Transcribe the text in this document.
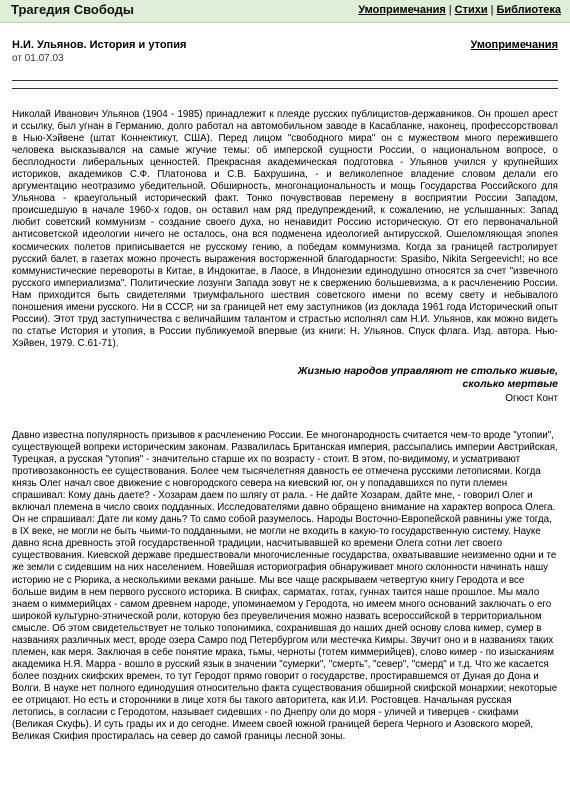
Трагедия Свободы	Умопримечания | Стихи | Библиотека
Н.И. Ульянов. История и утопия
от 01.07.03
Умопримечания
Николай Иванович Ульянов (1904 - 1985) принадлежит к плеяде русских публицистов-державников. Он прошел арест и ссылку, был угнан в Германию, долго работал на автомобильном заводе в Касабланке, наконец, профессорствовал в Нью-Хэйвене (штат Коннектикут, США). Перед лицом "свободного мира" он с мужеством много пережившего человека высказывался на самые жгучие темы: об имперской сущности России, о национальном вопросе, о бесплодности либеральных ценностей. Прекрасная академическая подготовка - Ульянов учился у крупнейших историков, академиков С.Ф. Платонова и С.В. Бахрушина, - и великолепное владение словом делали его аргументацию неотразимо убедительной. Обширность, многонациональность и мощь Государства Российского для Ульянова - краеугольный исторический факт. Тонко почувствовав перемену в восприятии России Западом, происшедшую в начале 1960-х годов, он оставил нам ряд предупреждений, к сожалению, не услышанных: Запад любит советский коммунизм - создание своего духа, но ненавидит Россию историческую. От его первоначальной антисоветской идеологии ничего не осталось, она вся подменена идеологией антирусской. Ошеломляющая эпопея космических полетов приписывается не русскому гению, а победам коммунизма. Когда за границей гастролирует русский балет, в газетах можно прочесть выражения восторженной благодарности: Spasibo, Nikita Sergeevich!; но все коммунистические перевороты в Китае, в Индокитае, в Лаосе, в Индонезии единодушно относятся за счет "извечного русского империализма". Политические лозунги Запада зовут не к свержению большевизма, а к расчленению России. Нам приходится быть свидетелями триумфального шествия советского имени по всему свету и небывалого поношения имени русского. Ни в СССР, ни за границей нет ему заступников (из доклада 1961 года Исторический опыт России). Этот труд заступничества с величайшим талантом и страстью исполнял сам Н.И. Ульянов, как можно видеть по статье История и утопия, в России публикуемой впервые (из книги: Н. Ульянов. Спуск флага. Изд. автора. Нью-Хэйвен, 1979. С.61-71).
Жизнью народов управляют не столько живые,
сколько мертвые
Огюст Конт
Давно известна популярность призывов к расчленению России. Ее многонародность считается чем-то вроде "утопии", существующей вопреки историческим законам. Развалилась Британская империя, рассыпались империи Австрийская, Турецкая, а русская "утопия" - значительно старше их по возрасту - стоит. В этом, по-видимому, и усматривают противозаконность ее существования. Более чем тысячелетняя давность ее отмечена русскими летописями. Когда князь Олег начал свое движение с новгородского севера на киевский юг, он у попадавшихся по пути племен спрашивал: Кому дань даете? - Хозарам даем по шлягу от рала. - Не дайте Хозарам, дайте мне, - говорил Олег и включал племена в число своих подданных. Исследователями давно обращено внимание на характер вопроса Олега. Он не спрашивал: Дате ли кому дань? То само собой разумелось. Народы Восточно-Европейской равнины уже тогда, в IX веке, не могли не быть чьими-то подданными, не могли не входить в какую-то государственную систему. Науке давно ясна древность этой государственной традиции, насчитывавшей ко времени Олега сотни лет своего существования. Киевской державе предшествовали многочисленные государства, охватывавшие неизменно одни и те же земли с сидевшим на них населением. Новейшая историография обнаруживает много склонности начинать нашу историю не с Рюрика, а несколькими веками раньше. Мы все чаще раскрываем четвертую книгу Геродота и все больше видим в нем первого русского историка. В скифах, сарматах, готах, гуннах таится наше прошлое. Мы мало знаем о киммерийцах - самом древнем народе, упоминаемом у Геродота, но имеем много оснований заключать о его широкой культурно-этнической роли, которую без преувеличения можно назвать всероссийской в территориальном смысле. Об этом свидетельствует не только топонимика, сохранившая до наших дней основу слова кимер, сумер в названиях различных мест, вроде озера Самро под Петербургом или местечка Кимры. Звучит оно и в названиях таких племен, как меря. Заключая в себе понятие мрака, тьмы, черноты (тотем киммерийцев), слово кимер - по изысканиям академика Н.Я. Марра - вошло в русский язык в значении "сумерки", "смерть", "север", "смерд" и т.д. Что же касается более поздних скифских времен, то тут Геродот прямо говорит о государстве, простиравшемся от Дуная до Дона и Волги. В науке нет полного единодушия относительно факта существования обширной скифской монархии; некоторые ее отрицают. Но есть и сторонники в лице хотя бы такого авторитета, как И.И. Ростовцев. Начальная русская летопись, в согласии с Геродотом, называет сидевших - по Днепру оли до моря - уличей и тиверцев - скифами (Великая Скуфь). И суть грады их и до сегодне. Имеем своей южной границей берега Черного и Азовского морей, Великая Скифия простиралась на север до самой границы лесной зоны.
